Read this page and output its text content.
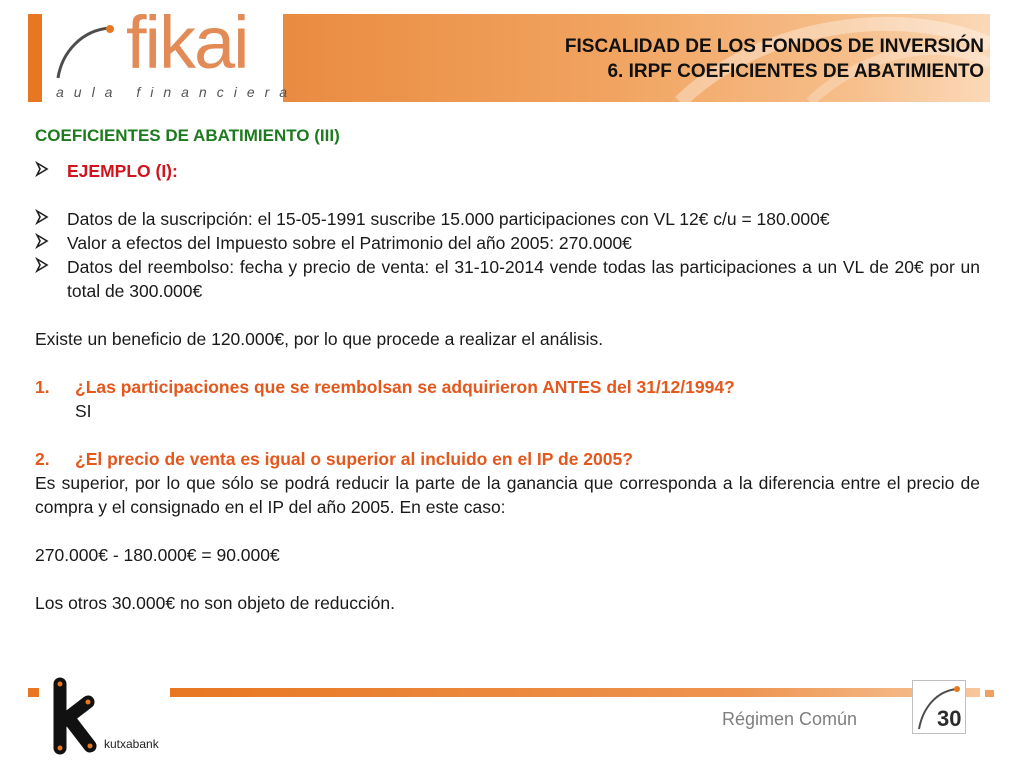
fikai
aula financiera
FISCALIDAD DE LOS FONDOS DE INVERSIÓN
6. IRPF COEFICIENTES DE ABATIMIENTO
COEFICIENTES DE ABATIMIENTO (III)
EJEMPLO (I):
Datos de la suscripción: el 15-05-1991 suscribe 15.000 participaciones con VL 12€ c/u = 180.000€
Valor a efectos del Impuesto sobre el Patrimonio del año 2005: 270.000€
Datos del reembolso: fecha y precio de venta: el 31-10-2014 vende todas las participaciones a un VL de 20€ por un total de 300.000€
Existe un beneficio de 120.000€, por lo que procede a realizar el análisis.
1. ¿Las participaciones que se reembolsan se adquirieron ANTES del 31/12/1994?
SI
2. ¿El precio de venta es igual o superior al incluido en el IP de 2005?
Es superior, por lo que sólo se podrá reducir la parte de la ganancia que corresponda a la diferencia entre el precio de compra y el consignado en el IP del año 2005. En este caso:
270.000€ - 180.000€ = 90.000€
Los otros 30.000€ no son objeto de reducción.
kutxabank
Régimen Común	30
